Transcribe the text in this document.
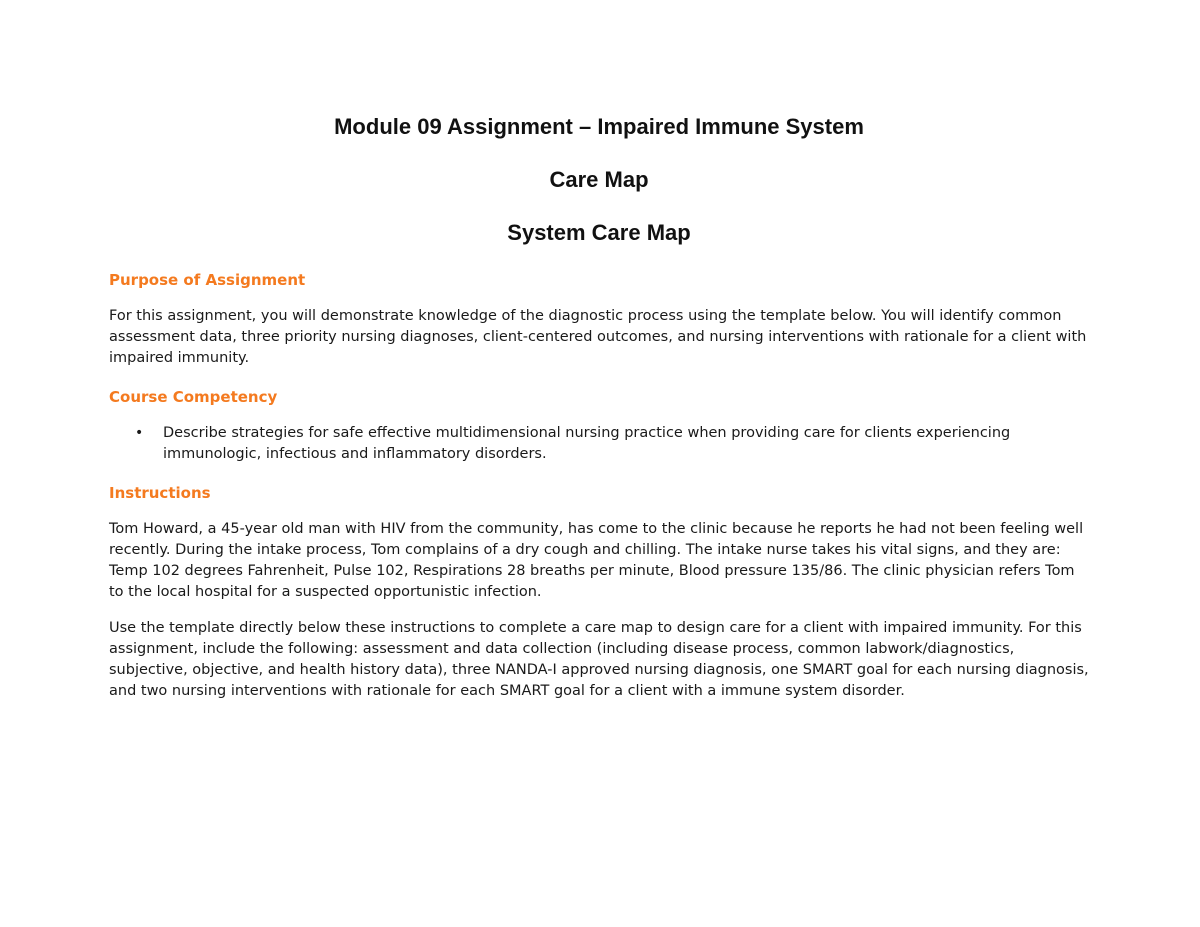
Module 09 Assignment – Impaired Immune System
Care Map
System Care Map
Purpose of Assignment

For this assignment, you will demonstrate knowledge of the diagnostic process using the template below. You will identify common assessment data, three priority nursing diagnoses, client-centered outcomes, and nursing interventions with rationale for a client with impaired immunity.

Course Competency
• Describe strategies for safe effective multidimensional nursing practice when providing care for clients experiencing immunologic, infectious and inflammatory disorders.
Instructions

Tom Howard, a 45-year old man with HIV from the community, has come to the clinic because he reports he had not been feeling well recently. During the intake process, Tom complains of a dry cough and chilling. The intake nurse takes his vital signs, and they are: Temp 102 degrees Fahrenheit, Pulse 102, Respirations 28 breaths per minute, Blood pressure 135/86. The clinic physician refers Tom to the local hospital for a suspected opportunistic infection.

Use the template directly below these instructions to complete a care map to design care for a client with impaired immunity. For this assignment, include the following: assessment and data collection (including disease process, common labwork/diagnostics, subjective, objective, and health history data), three NANDA-I approved nursing diagnosis, one SMART goal for each nursing diagnosis, and two nursing interventions with rationale for each SMART goal for a client with a immune system disorder.
